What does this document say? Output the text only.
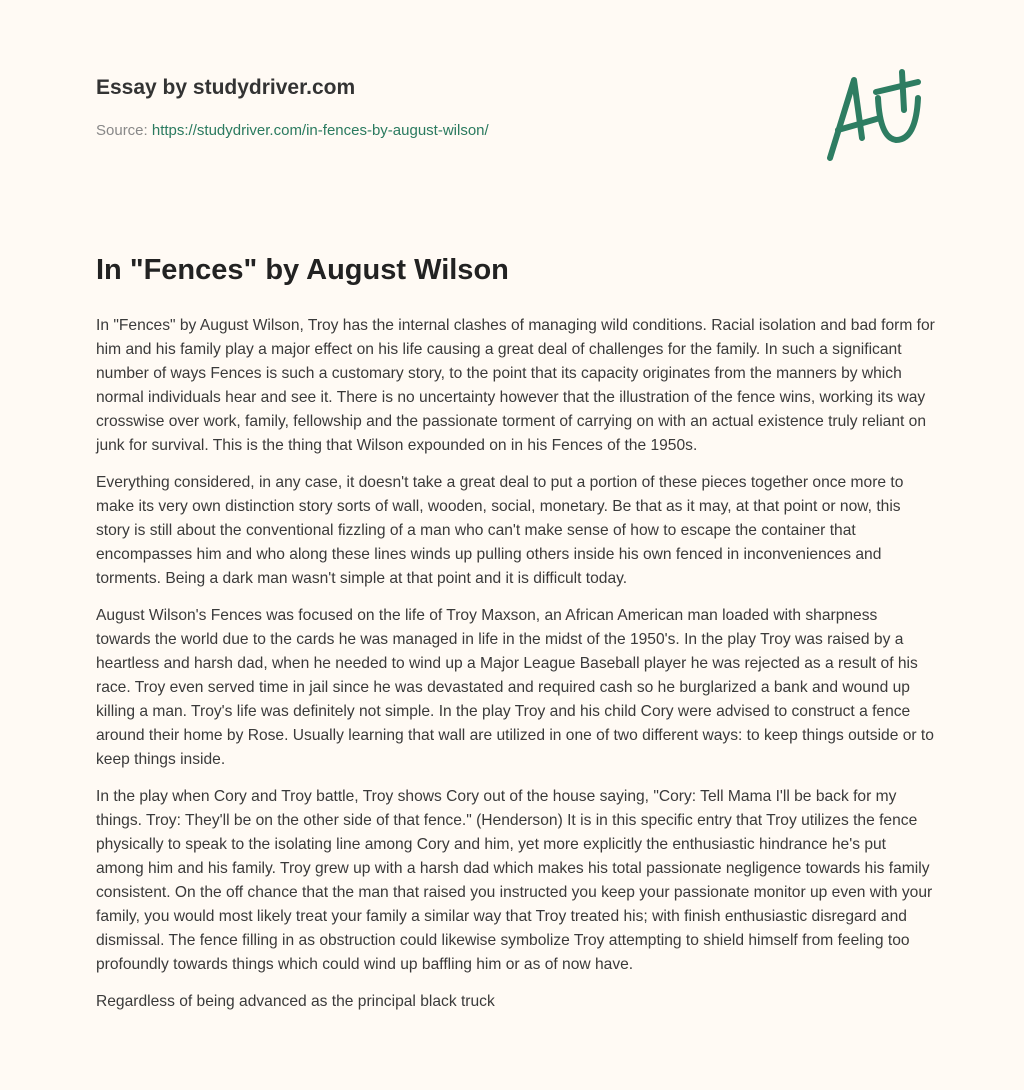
Essay by studydriver.com
Source: https://studydriver.com/in-fences-by-august-wilson/
In "Fences" by August Wilson

In "Fences" by August Wilson, Troy has the internal clashes of managing wild conditions. Racial isolation and bad form for him and his family play a major effect on his life causing a great deal of challenges for the family. In such a significant number of ways Fences is such a customary story, to the point that its capacity originates from the manners by which normal individuals hear and see it. There is no uncertainty however that the illustration of the fence wins, working its way crosswise over work, family, fellowship and the passionate torment of carrying on with an actual existence truly reliant on junk for survival. This is the thing that Wilson expounded on in his Fences of the 1950s.

Everything considered, in any case, it doesn't take a great deal to put a portion of these pieces together once more to make its very own distinction story sorts of wall, wooden, social, monetary. Be that as it may, at that point or now, this story is still about the conventional fizzling of a man who can't make sense of how to escape the container that encompasses him and who along these lines winds up pulling others inside his own fenced in inconveniences and torments. Being a dark man wasn't simple at that point and it is difficult today.

August Wilson's Fences was focused on the life of Troy Maxson, an African American man loaded with sharpness towards the world due to the cards he was managed in life in the midst of the 1950's. In the play Troy was raised by a heartless and harsh dad, when he needed to wind up a Major League Baseball player he was rejected as a result of his race. Troy even served time in jail since he was devastated and required cash so he burglarized a bank and wound up killing a man. Troy's life was definitely not simple. In the play Troy and his child Cory were advised to construct a fence around their home by Rose. Usually learning that wall are utilized in one of two different ways: to keep things outside or to keep things inside.

In the play when Cory and Troy battle, Troy shows Cory out of the house saying, "Cory: Tell Mama I'll be back for my things. Troy: They'll be on the other side of that fence." (Henderson) It is in this specific entry that Troy utilizes the fence physically to speak to the isolating line among Cory and him, yet more explicitly the enthusiastic hindrance he's put among him and his family. Troy grew up with a harsh dad which makes his total passionate negligence towards his family consistent. On the off chance that the man that raised you instructed you keep your passionate monitor up even with your family, you would most likely treat your family a similar way that Troy treated his; with finish enthusiastic disregard and dismissal. The fence filling in as obstruction could likewise symbolize Troy attempting to shield himself from feeling too profoundly towards things which could wind up baffling him or as of now have.

Regardless of being advanced as the principal black truck
